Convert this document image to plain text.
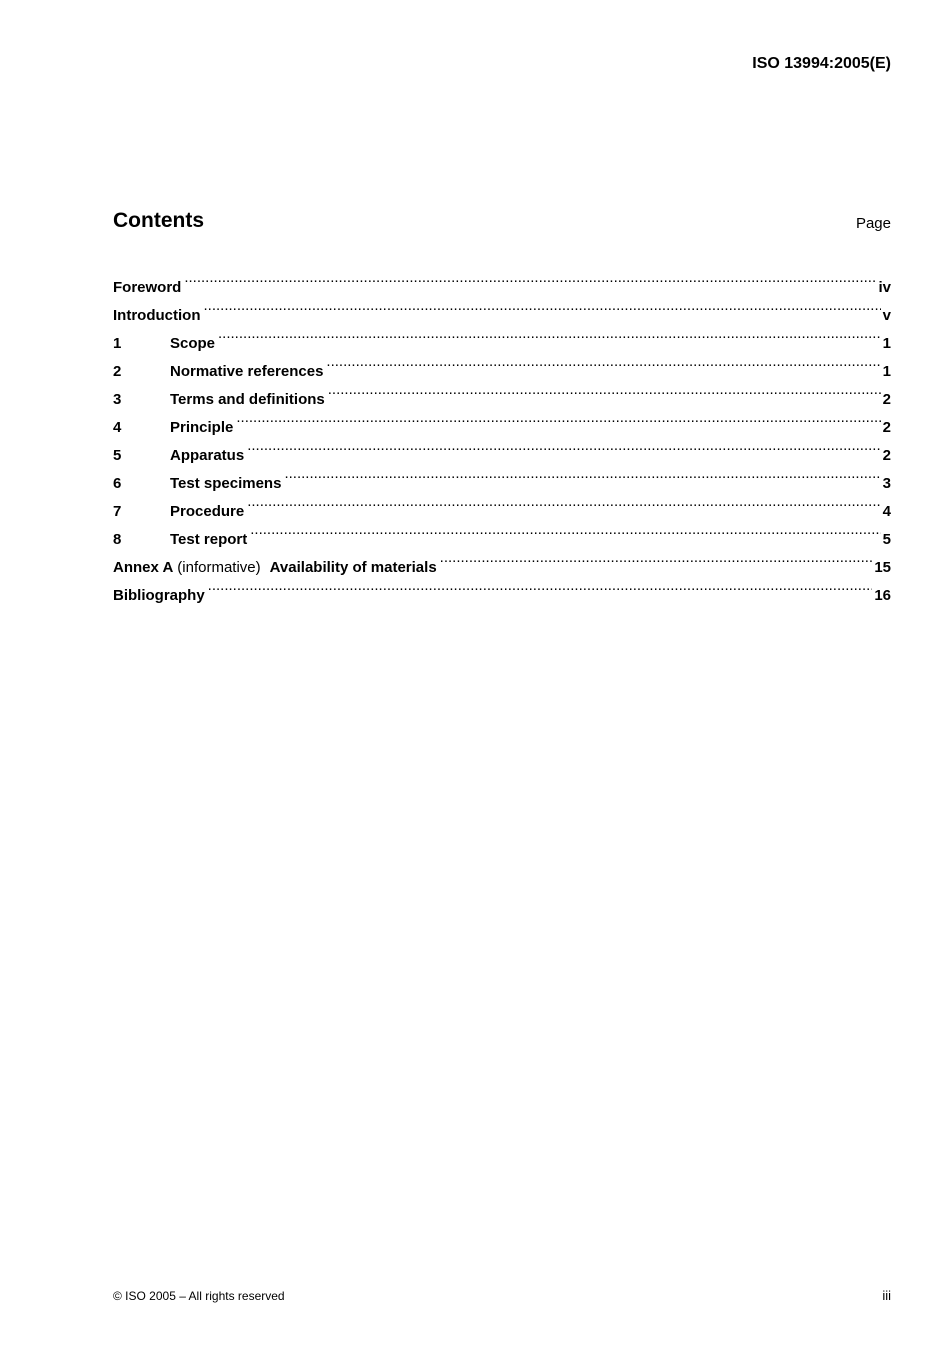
ISO 13994:2005(E)
Contents	Page
Foreword .....	iv
Introduction .....	v
1	Scope .....	1
2	Normative references .....	1
3	Terms and definitions .....	2
4	Principle .....	2
5	Apparatus .....	2
6	Test specimens .....	3
7	Procedure .....	4
8	Test report .....	5
Annex A (informative) Availability of materials .....	15
Bibliography .....	16
© ISO 2005 – All rights reserved	iii
